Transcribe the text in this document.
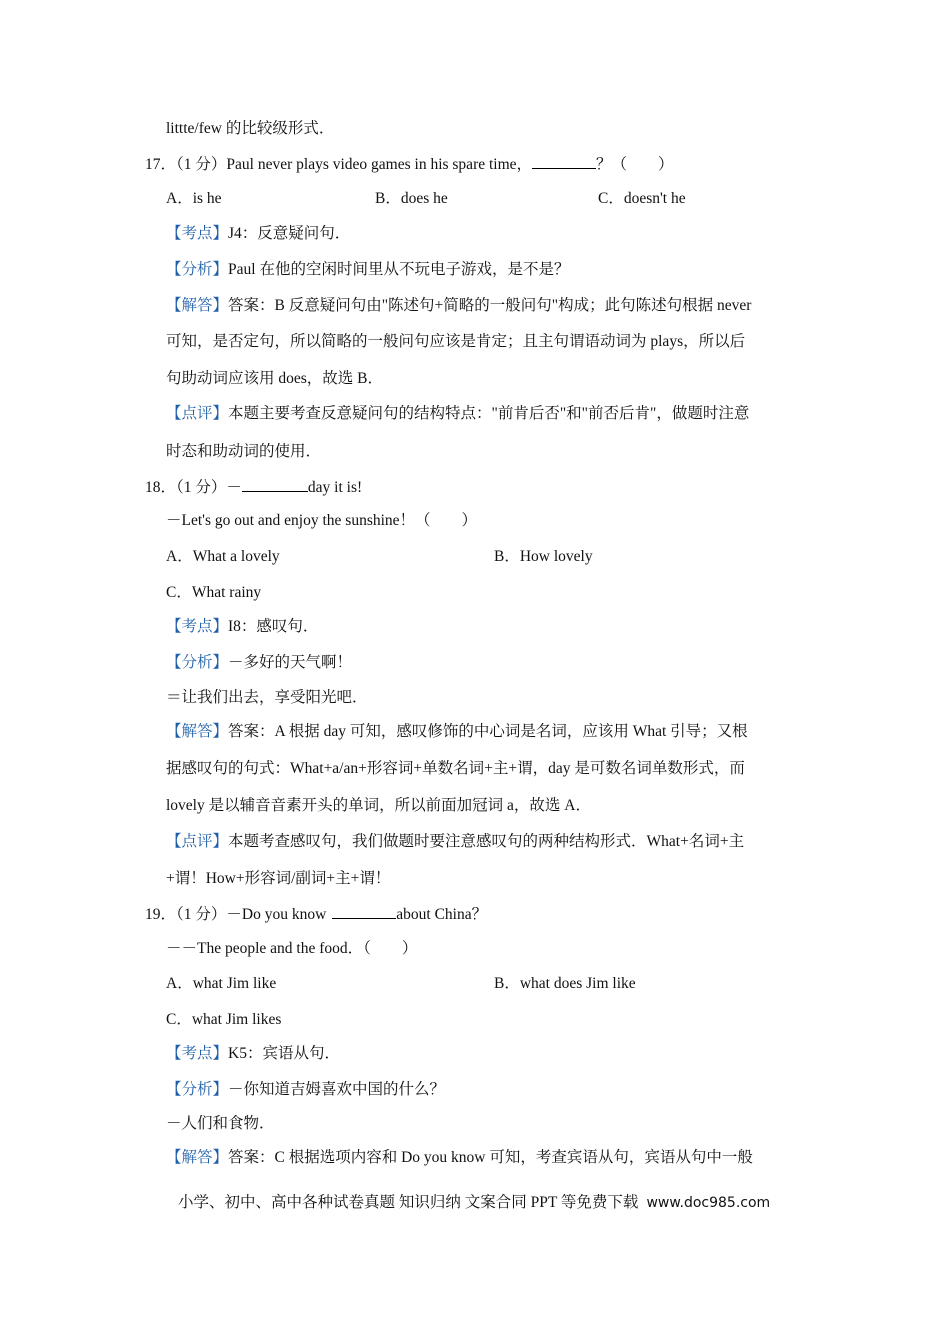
littte/few 的比较级形式．
17．（1 分）Paul never plays video games in his spare time，	？（　　）
A．is he	B．does he	C．doesn't he
【考点】J4：反意疑问句．
【分析】Paul 在他的空闲时间里从不玩电子游戏，是不是？
【解答】答案：B 反意疑问句由"陈述句+简略的一般问句"构成；此句陈述句根据 never
可知，是否定句，所以简略的一般问句应该是肯定；且主句谓语动词为 plays，所以后
句助动词应该用 does，故选 B．
【点评】本题主要考查反意疑问句的结构特点："前肯后否"和"前否后肯"，做题时注意
时态和助动词的使用．
18．（1 分）－	day it is!
－Let's go out and enjoy the sunshine！（　　）
A．What a lovely	B．How lovely
C．What rainy
【考点】I8：感叹句．
【分析】－多好的天气啊！
＝让我们出去，享受阳光吧．
【解答】答案：A 根据 day 可知，感叹修饰的中心词是名词，应该用 What 引导；又根
据感叹句的句式：What+a/an+形容词+单数名词+主+谓，day 是可数名词单数形式，而
lovely 是以辅音音素开头的单词，所以前面加冠词 a，故选 A．
【点评】本题考查感叹句，我们做题时要注意感叹句的两种结构形式．What+名词+主
+谓！How+形容词/副词+主+谓！
19．（1 分）－Do you know	about China？
－－The people and the food．（　　）
A．what Jim like	B．what does Jim like
C．what Jim likes
【考点】K5：宾语从句．
【分析】－你知道吉姆喜欢中国的什么？
－人们和食物．
【解答】答案：C 根据选项内容和 Do you know 可知，考查宾语从句，宾语从句中一般
小学、初中、高中各种试卷真题 知识归纳 文案合同 PPT 等免费下载 www.doc985.com
